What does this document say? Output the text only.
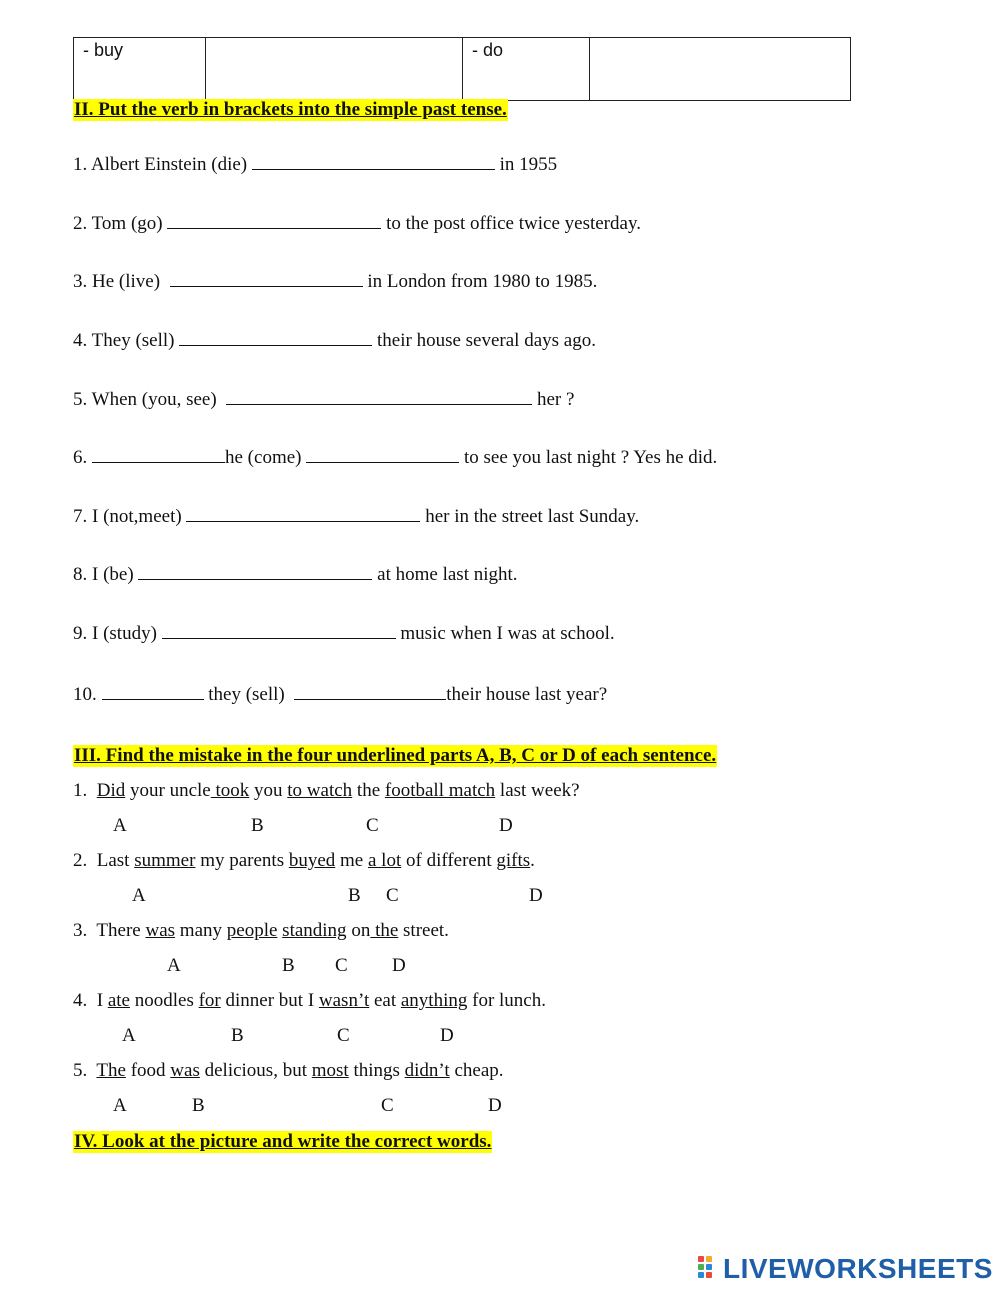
- buy		- do	
II. Put the verb in brackets into the simple past tense.
1. Albert Einstein (die)	in 1955
2. Tom (go)	to the post office twice yesterday.
3. He (live)	in London from 1980 to 1985.
4. They (sell)	their house several days ago.
5. When (you, see)	her ?
6.	he (come)	to see you last night ? Yes he did.
7. I (not,meet)	her in the street last Sunday.
8. I (be)	at home last night.
9. I (study)	music when I was at school.
10.	they (sell)	their house last year?
III. Find the mistake in the four underlined parts A, B, C or D of each sentence.
1. Did your uncle took you to watch the football match last week?
A	B	C	D
2. Last summer my parents buyed me a lot of different gifts.
A	B C	D
3. There was many people standing on the street.
A	B C D
4. I ate noodles for dinner but I wasn’t eat anything for lunch.
A	B	C	D
5. The food was delicious, but most things didn’t cheap.
A	B	C	D
IV. Look at the picture and write the correct words.
LIVEWORKSHEETS
